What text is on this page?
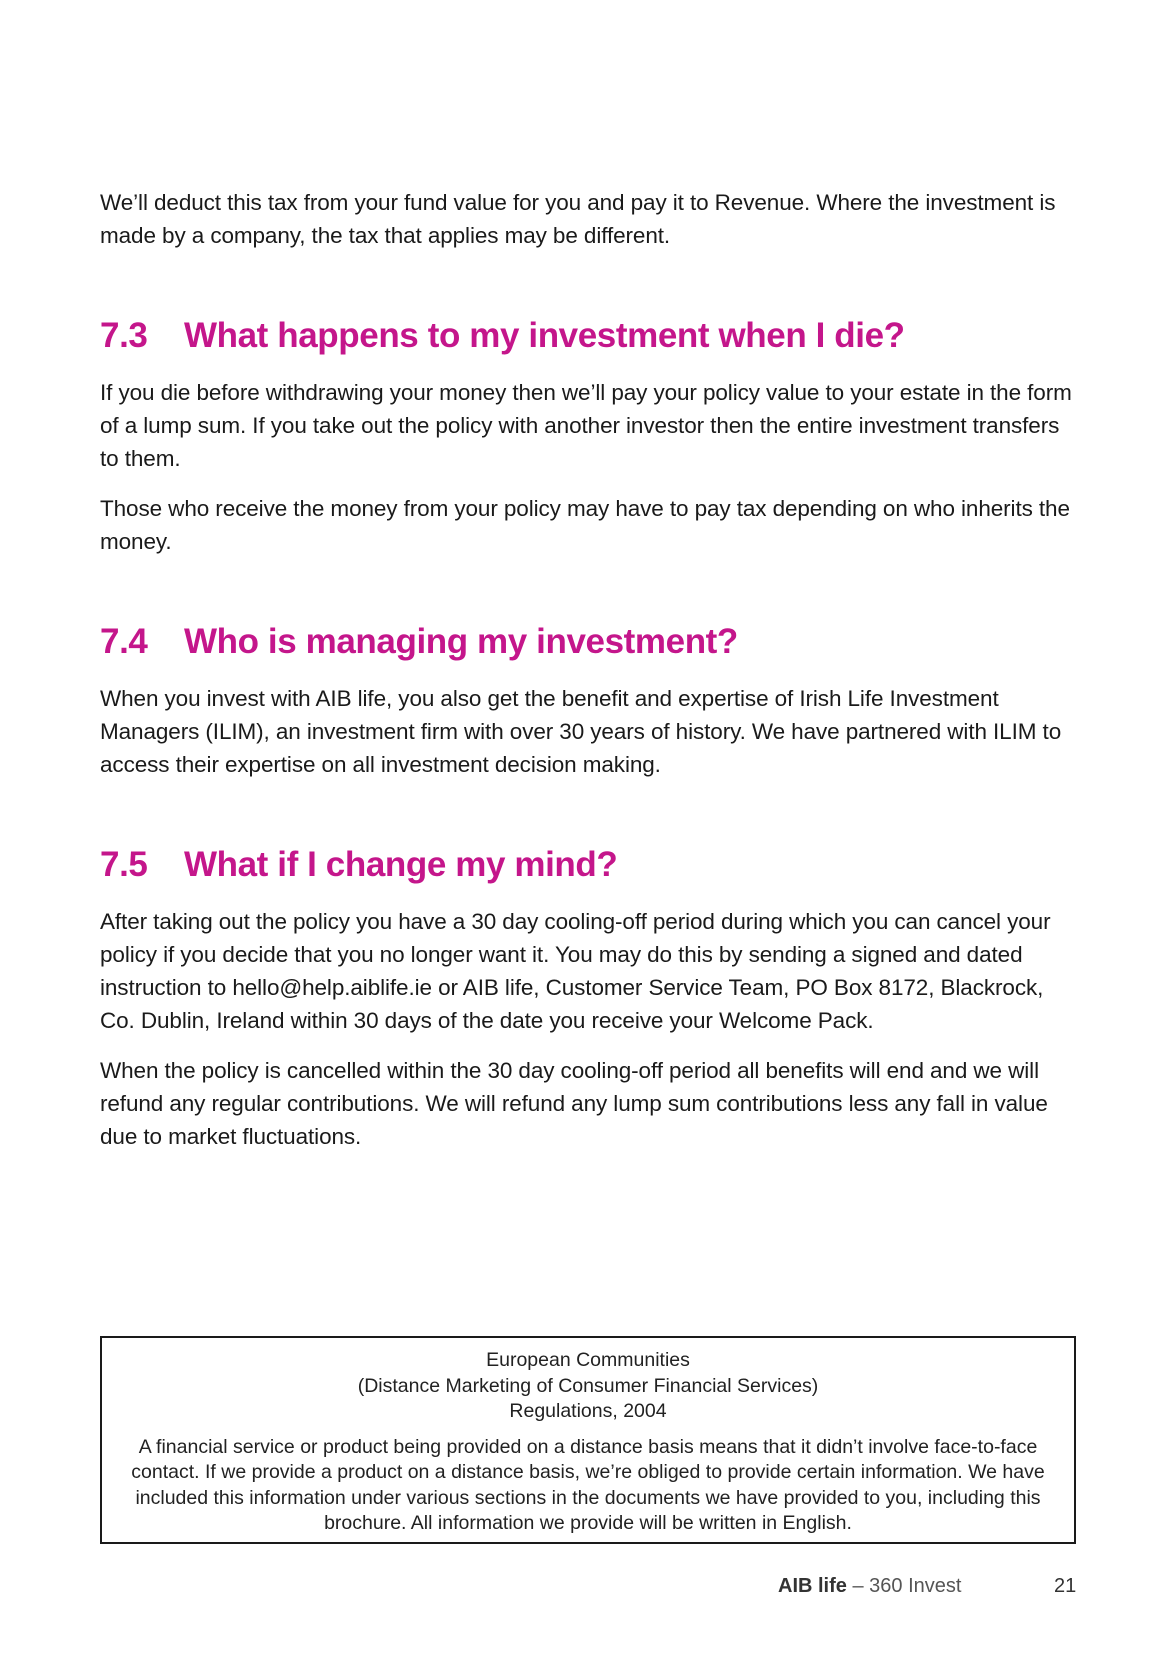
We’ll deduct this tax from your fund value for you and pay it to Revenue. Where the investment is made by a company, the tax that applies may be different.

7.3	What happens to my investment when I die?

If you die before withdrawing your money then we’ll pay your policy value to your estate in the form of a lump sum. If you take out the policy with another investor then the entire investment transfers to them.

Those who receive the money from your policy may have to pay tax depending on who inherits the money.

7.4	Who is managing my investment?

When you invest with AIB life, you also get the benefit and expertise of Irish Life Investment Managers (ILIM), an investment firm with over 30 years of history. We have partnered with ILIM to access their expertise on all investment decision making.

7.5	What if I change my mind?

After taking out the policy you have a 30 day cooling-off period during which you can cancel your policy if you decide that you no longer want it. You may do this by sending a signed and dated instruction to hello@help.aiblife.ie or AIB life, Customer Service Team, PO Box 8172, Blackrock, Co. Dublin, Ireland within 30 days of the date you receive your Welcome Pack.

When the policy is cancelled within the 30 day cooling-off period all benefits will end and we will refund any regular contributions. We will refund any lump sum contributions less any fall in value due to market fluctuations.

European Communities

(Distance Marketing of Consumer Financial Services)

Regulations, 2004

A financial service or product being provided on a distance basis means that it didn’t involve face-to-face contact. If we provide a product on a distance basis, we’re obliged to provide certain information. We have included this information under various sections in the documents we have provided to you, including this brochure. All information we provide will be written in English.

AIB life – 360 Invest	21
